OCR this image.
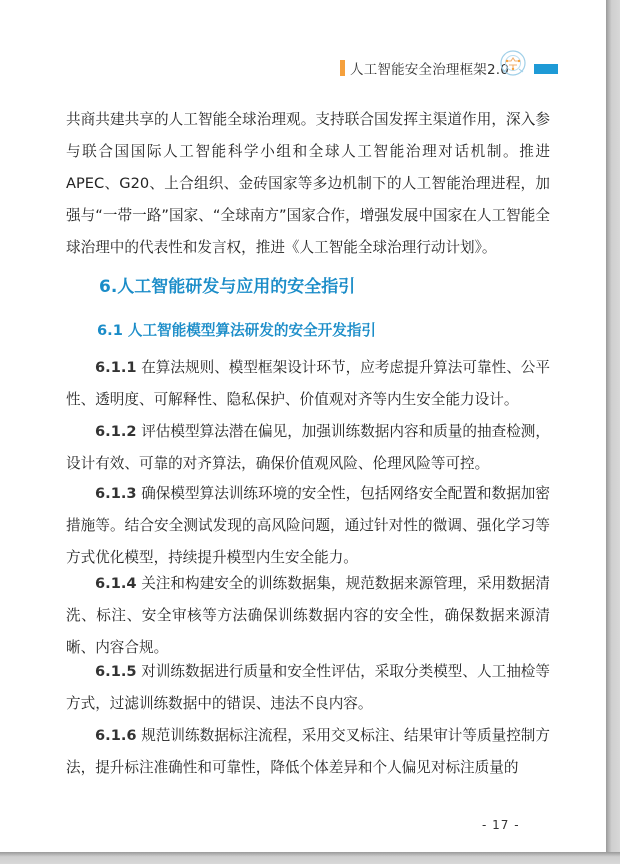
人工智能安全治理框架2.0
共商共建共享的人工智能全球治理观。支持联合国发挥主渠道作用，深入参与联合国国际人工智能科学小组和全球人工智能治理对话机制。推进APEC、G20、上合组织、金砖国家等多边机制下的人工智能治理进程，加强与“一带一路”国家、“全球南方”国家合作，增强发展中国家在人工智能全球治理中的代表性和发言权，推进《人工智能全球治理行动计划》。
6.人工智能研发与应用的安全指引
6.1 人工智能模型算法研发的安全开发指引
6.1.1 在算法规则、模型框架设计环节，应考虑提升算法可靠性、公平性、透明度、可解释性、隐私保护、价值观对齐等内生安全能力设计。
6.1.2 评估模型算法潜在偏见，加强训练数据内容和质量的抽查检测，设计有效、可靠的对齐算法，确保价值观风险、伦理风险等可控。
6.1.3 确保模型算法训练环境的安全性，包括网络安全配置和数据加密措施等。结合安全测试发现的高风险问题，通过针对性的微调、强化学习等方式优化模型，持续提升模型内生安全能力。
6.1.4 关注和构建安全的训练数据集，规范数据来源管理，采用数据清洗、标注、安全审核等方法确保训练数据内容的安全性，确保数据来源清晰、内容合规。
6.1.5 对训练数据进行质量和安全性评估，采取分类模型、人工抽检等方式，过滤训练数据中的错误、违法不良内容。
6.1.6 规范训练数据标注流程，采用交叉标注、结果审计等质量控制方法，提升标注准确性和可靠性，降低个体差异和个人偏见对标注质量的
- 17 -
